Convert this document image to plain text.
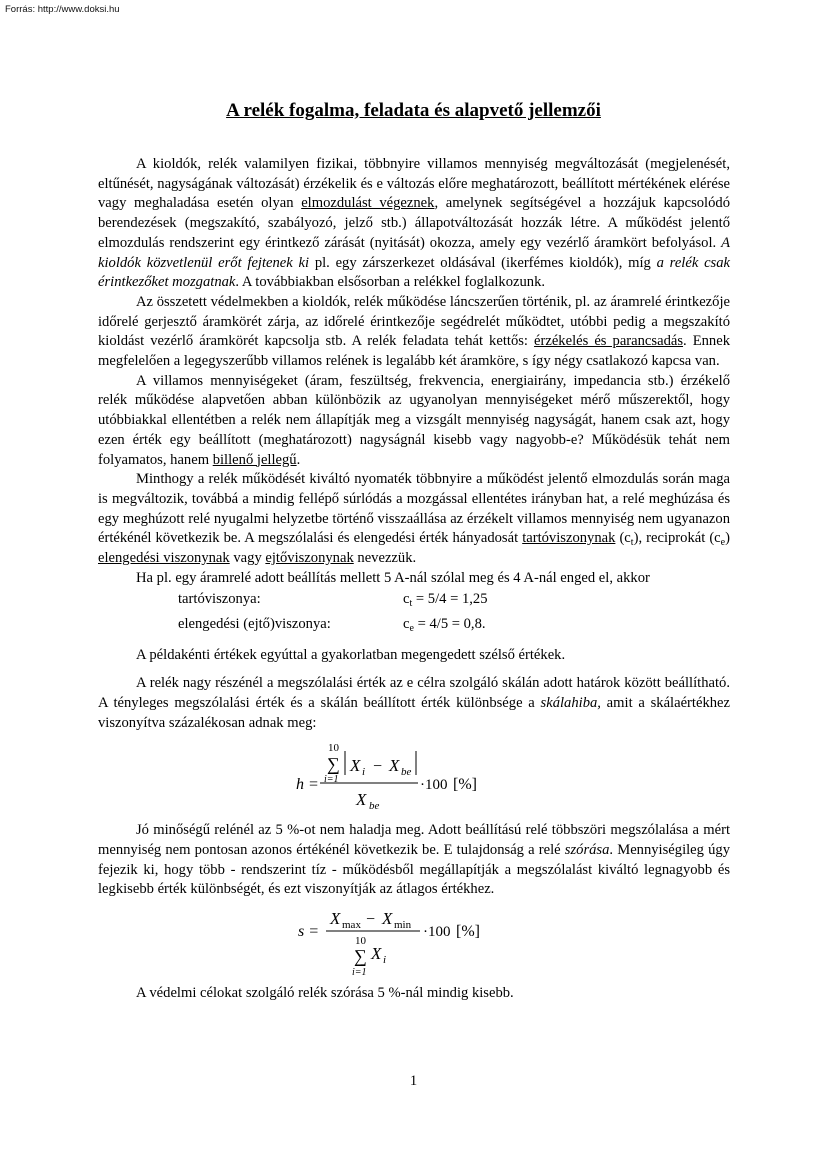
Forrás: http://www.doksi.hu
A relék fogalma, feladata és alapvető jellemzői

A kioldók, relék valamilyen fizikai, többnyire villamos mennyiség megváltozását (megjelenését, eltűnését, nagyságának változását) érzékelik és e változás előre meghatározott, beállított mértékének elérése vagy meghaladása esetén olyan elmozdulást végeznek, amelynek segítségével a hozzájuk kapcsolódó berendezések (megszakító, szabályozó, jelző stb.) állapotváltozását hozzák létre. A működést jelentő elmozdulás rendszerint egy érintkező zárását (nyitását) okozza, amely egy vezérlő áramkört befolyásol. A kioldók közvetlenül erőt fejtenek ki pl. egy zárszerkezet oldásával (ikerfémes kioldók), míg a relék csak érintkezőket mozgatnak. A továbbiakban elsősorban a relékkel foglalkozunk.

Az összetett védelmekben a kioldók, relék működése láncszerűen történik, pl. az áramrelé érintkezője időrelé gerjesztő áramkörét zárja, az időrelé érintkezője segédrelét működtet, utóbbi pedig a megszakító kioldást vezérlő áramkörét kapcsolja stb. A relék feladata tehát kettős: érzékelés és parancsadás. Ennek megfelelően a legegyszerűbb villamos relének is legalább két áramköre, s így négy csatlakozó kapcsa van.

A villamos mennyiségeket (áram, feszültség, frekvencia, energiairány, impedancia stb.) érzékelő relék működése alapvetően abban különbözik az ugyanolyan mennyiségeket mérő műszerektől, hogy utóbbiakkal ellentétben a relék nem állapítják meg a vizsgált mennyiség nagyságát, hanem csak azt, hogy ezen érték egy beállított (meghatározott) nagyságnál kisebb vagy nagyobb-e? Működésük tehát nem folyamatos, hanem billenő jellegű.

Minthogy a relék működését kiváltó nyomaték többnyire a működést jelentő elmozdulás során maga is megváltozik, továbbá a mindig fellépő súrlódás a mozgással ellentétes irányban hat, a relé meghúzása és egy meghúzott relé nyugalmi helyzetbe történő visszaállása az érzékelt villamos mennyiség nem ugyanazon értékénél következik be. A megszólalási és elengedési érték hányadosát tartóviszonynak $(c_t)$, reciprokát $(c_e)$ elengedési viszonynak vagy ejtőviszonynak nevezzük.

Ha pl. egy áramrelé adott beállítás mellett 5 A-nál szólal meg és 4 A-nál enged el, akkor

tartóviszonya:	$c_t = 5/4 = 1,25$
elengedési (ejtő)viszonya:	$c_e = 4/5 = 0,8$.

A példakénti értékek egyúttal a gyakorlatban megengedett szélső értékek.

A relék nagy részénél a megszólalási érték az e célra szolgáló skálán adott határok között beállítható. A tényleges megszólalási érték és a skálán beállított érték különbsége a skálahiba, amit a skálaértékhez viszonyítva százalékosan adnak meg:

h =
10
∑
i=1
X i − X be
X be
·100 [%]

Jó minőségű relénél az 5 %-ot nem haladja meg. Adott beállítású relé többszöri megszólalása a mért mennyiség nem pontosan azonos értékénél következik be. E tulajdonság a relé szórása. Mennyiségileg úgy fejezik ki, hogy több - rendszerint tíz - működésből megállapítják a megszólalást kiváltó legnagyobb és legkisebb érték különbségét, és ezt viszonyítják az átlagos értékhez.

s =
X max − X min
10
∑
i=1
X i
·100 [%]

A védelmi célokat szolgáló relék szórása 5 %-nál mindig kisebb.

1
